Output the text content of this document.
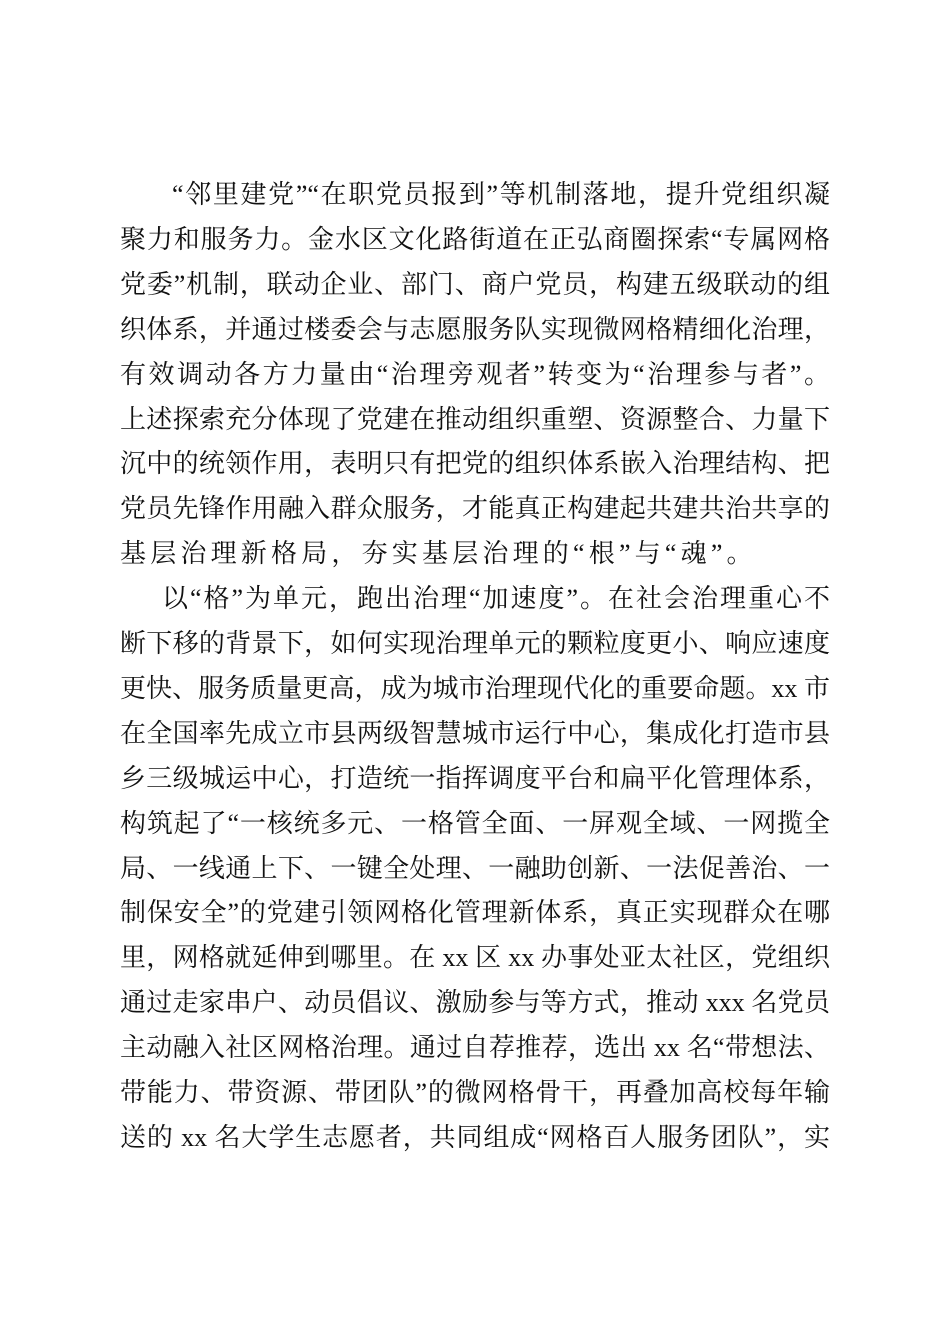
“邻里建党”“在职党员报到”等机制落地，提升党组织凝
聚力和服务力。金水区文化路街道在正弘商圈探索“专属网格
党委”机制，联动企业、部门、商户党员，构建五级联动的组
织体系，并通过楼委会与志愿服务队实现微网格精细化治理，
有效调动各方力量由“治理旁观者”转变为“治理参与者”。
上述探索充分体现了党建在推动组织重塑、资源整合、力量下
沉中的统领作用，表明只有把党的组织体系嵌入治理结构、把
党员先锋作用融入群众服务，才能真正构建起共建共治共享的
基层治理新格局，夯实基层治理的“根”与“魂”。
以“格”为单元，跑出治理“加速度”。在社会治理重心不
断下移的背景下，如何实现治理单元的颗粒度更小、响应速度
更快、服务质量更高，成为城市治理现代化的重要命题。xx 市
在全国率先成立市县两级智慧城市运行中心，集成化打造市县
乡三级城运中心，打造统一指挥调度平台和扁平化管理体系，
构筑起了“一核统多元、一格管全面、一屏观全域、一网揽全
局、一线通上下、一键全处理、一融助创新、一法促善治、一
制保安全”的党建引领网格化管理新体系，真正实现群众在哪
里，网格就延伸到哪里。在 xx 区 xx 办事处亚太社区，党组织
通过走家串户、动员倡议、激励参与等方式，推动 xxx 名党员
主动融入社区网格治理。通过自荐推荐，选出 xx 名“带想法、
带能力、带资源、带团队”的微网格骨干，再叠加高校每年输
送的 xx 名大学生志愿者，共同组成“网格百人服务团队”，实
